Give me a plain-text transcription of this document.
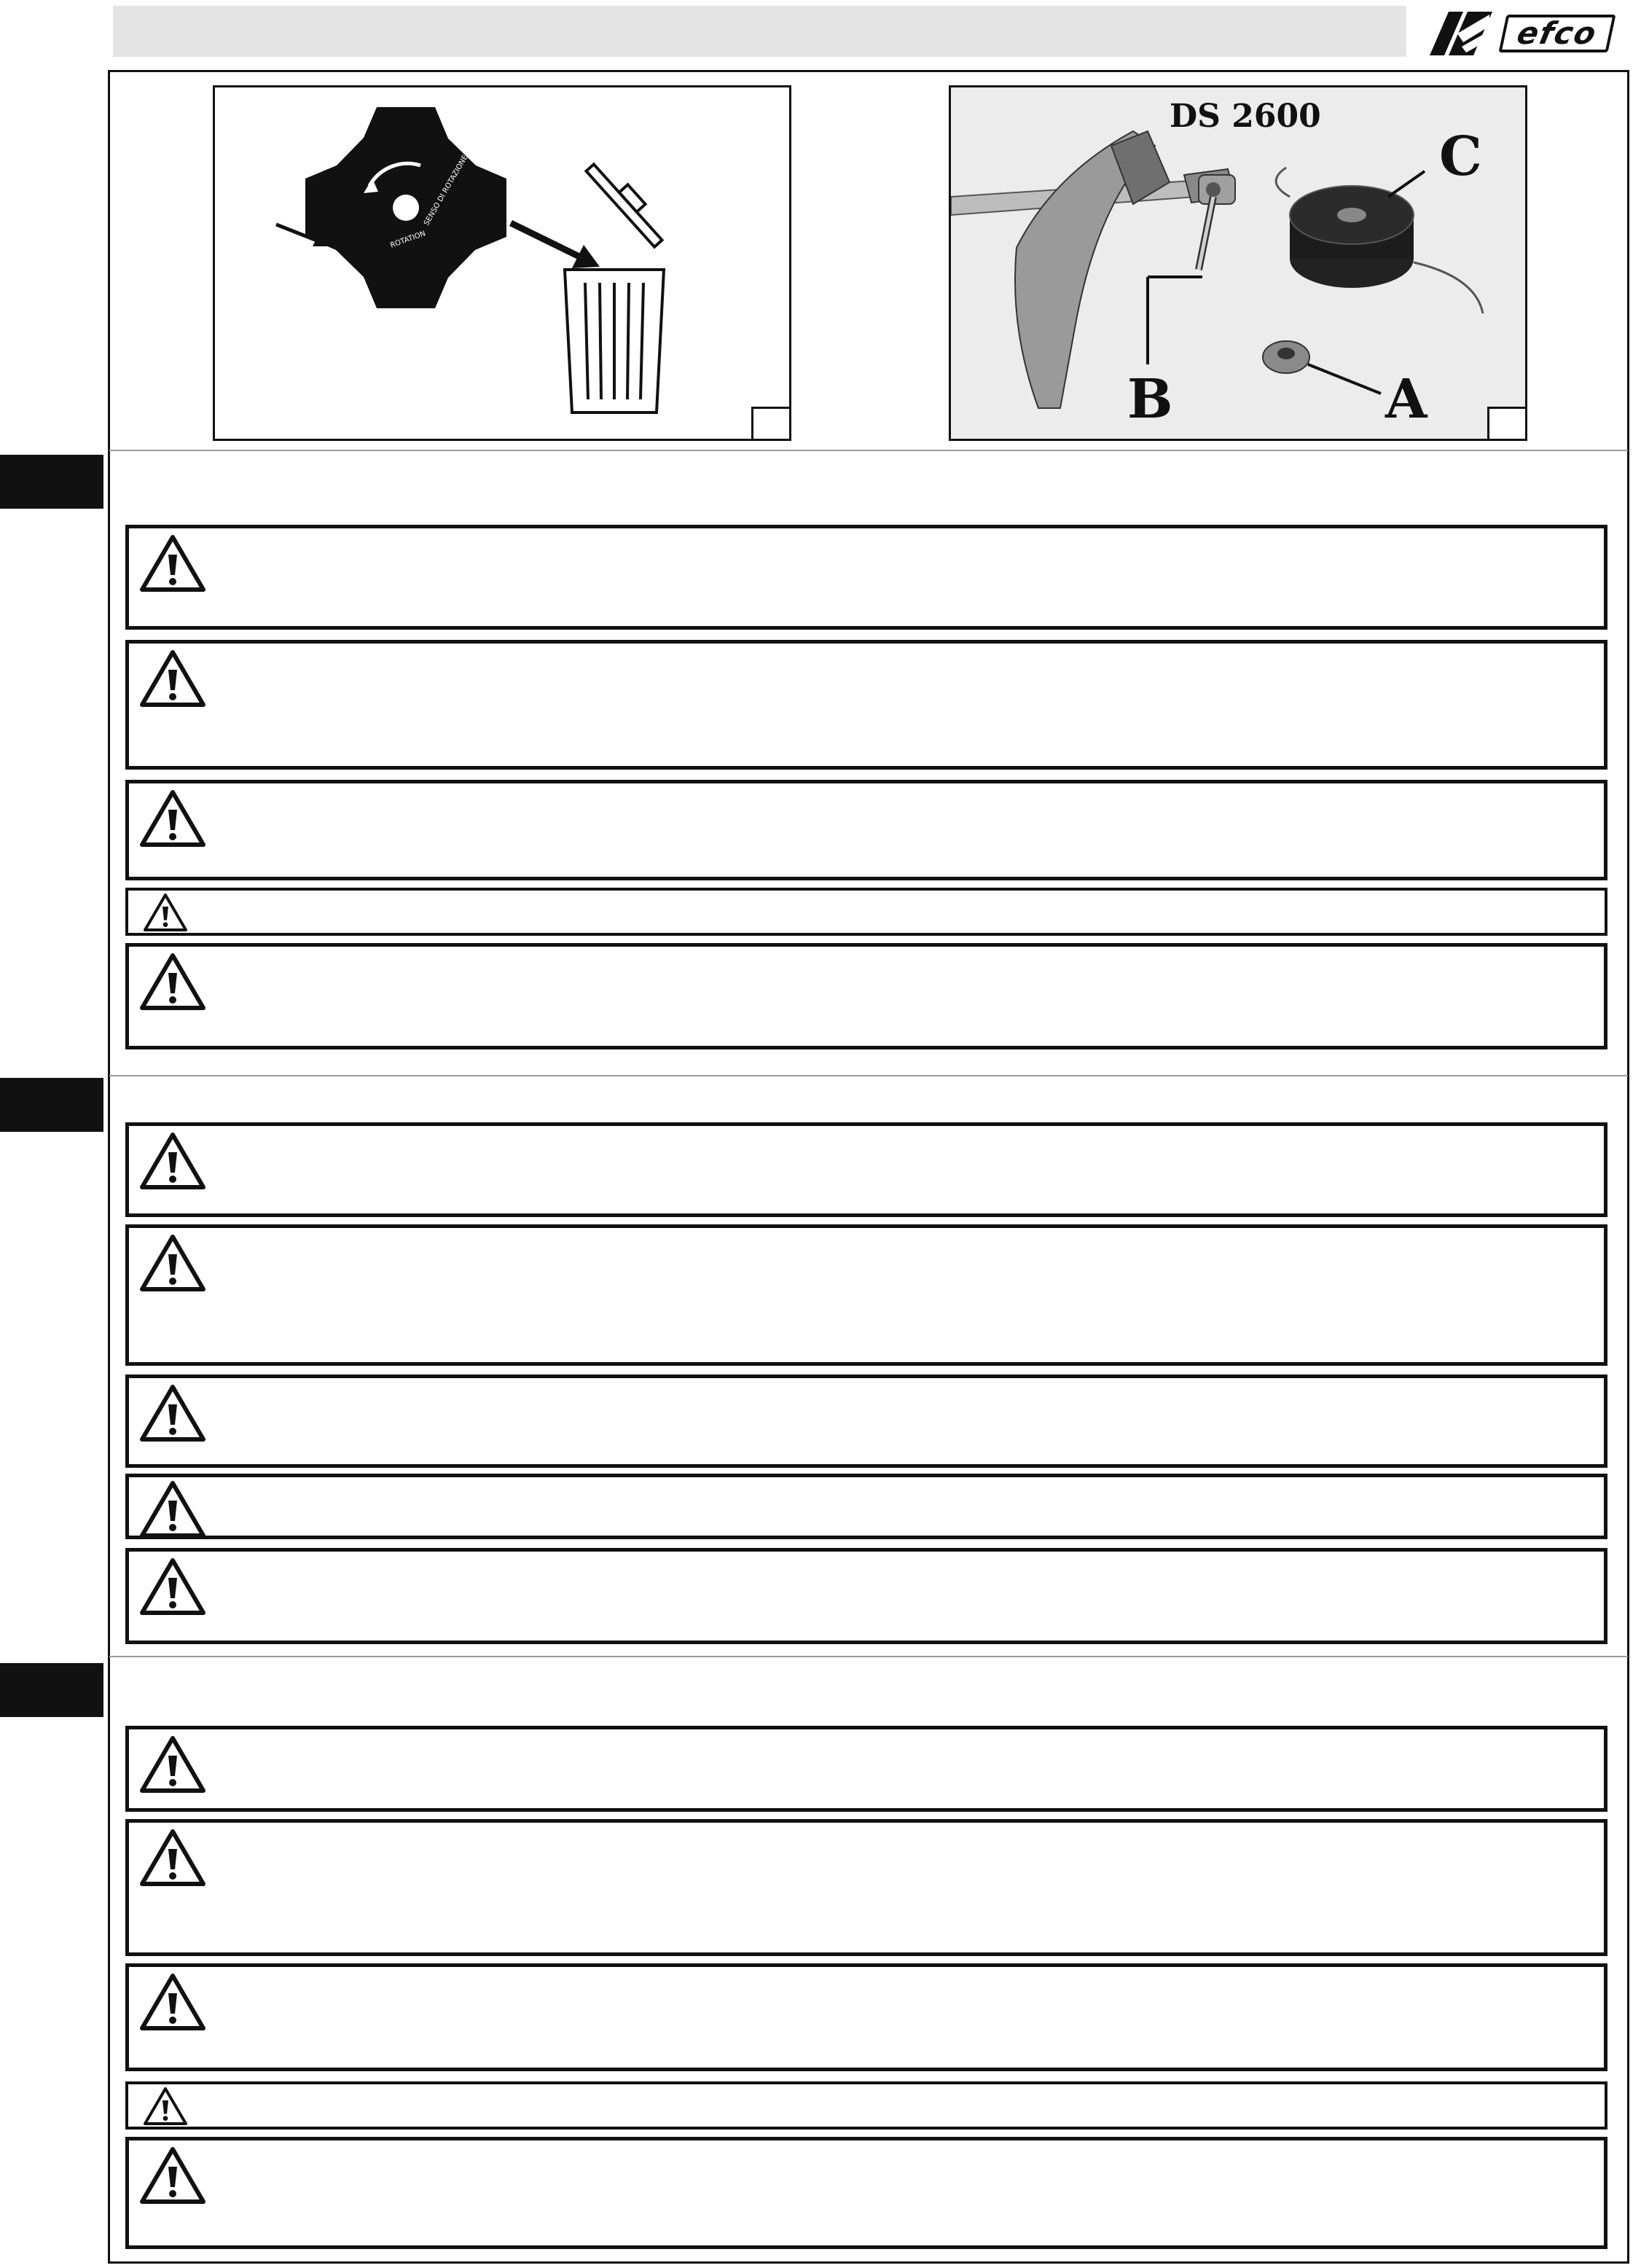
efco
SENSO DI ROTAZIONE
ROTATION
DS 2600
C
B	A
